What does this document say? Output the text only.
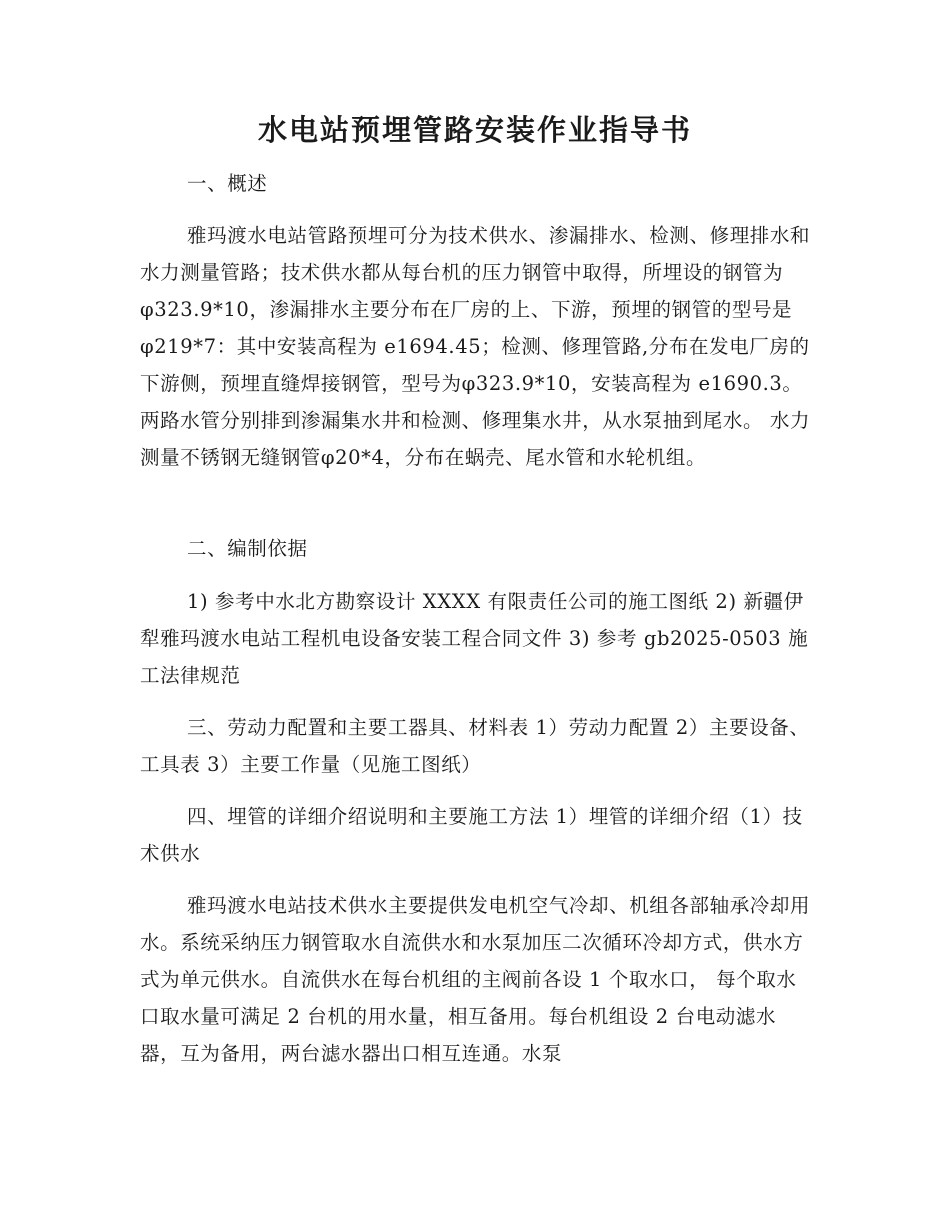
水电站预埋管路安装作业指导书
一、概述

雅玛渡水电站管路预埋可分为技术供水、渗漏排水、检测、修理排水和水力测量管路；技术供水都从每台机的压力钢管中取得，所埋设的钢管为 φ323.9*10，渗漏排水主要分布在厂房的上、下游，预埋的钢管的型号是 φ219*7：其中安装高程为 e1694.45；检测、修理管路,分布在发电厂房的下游侧，预埋直缝焊接钢管，型号为φ323.9*10，安装高程为 e1690.3。两路水管分别排到渗漏集水井和检测、修理集水井，从水泵抽到尾水。 水力测量不锈钢无缝钢管φ20*4，分布在蜗壳、尾水管和水轮机组。

二、编制依据

1) 参考中水北方勘察设计 XXXX 有限责任公司的施工图纸 2) 新疆伊犁雅玛渡水电站工程机电设备安装工程合同文件 3) 参考 gb2025-0503 施工法律规范

三、劳动力配置和主要工器具、材料表 1）劳动力配置 2）主要设备、工具表 3）主要工作量（见施工图纸）

四、埋管的详细介绍说明和主要施工方法 1）埋管的详细介绍（1）技术供水

雅玛渡水电站技术供水主要提供发电机空气冷却、机组各部轴承冷却用水。系统采纳压力钢管取水自流供水和水泵加压二次循环冷却方式，供水方式为单元供水。自流供水在每台机组的主阀前各设 1 个取水口， 每个取水口取水量可满足 2 台机的用水量，相互备用。每台机组设 2 台电动滤水器，互为备用，两台滤水器出口相互连通。水泵
